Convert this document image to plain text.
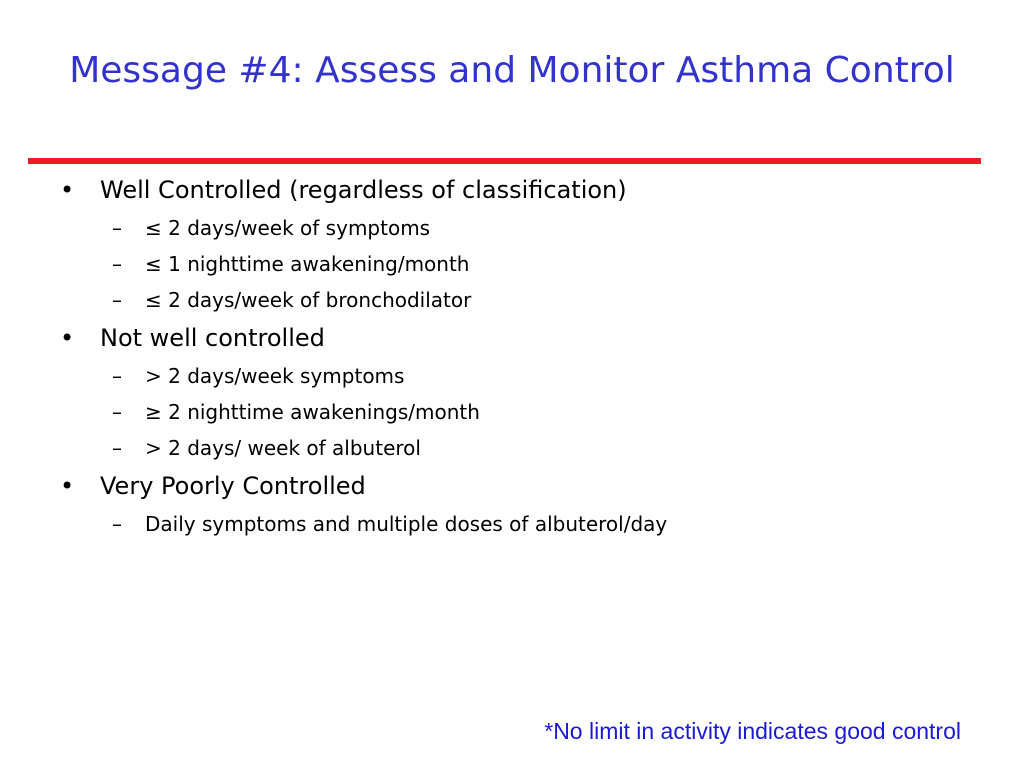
Message #4: Assess and Monitor Asthma Control
• Well Controlled (regardless of classification)
– ≤ 2 days/week of symptoms
– ≤ 1 nighttime awakening/month
– ≤ 2 days/week of bronchodilator
• Not well controlled
– > 2 days/week symptoms
– ≥ 2 nighttime awakenings/month
– > 2 days/ week of albuterol
• Very Poorly Controlled
– Daily symptoms and multiple doses of albuterol/day

*No limit in activity indicates good control
